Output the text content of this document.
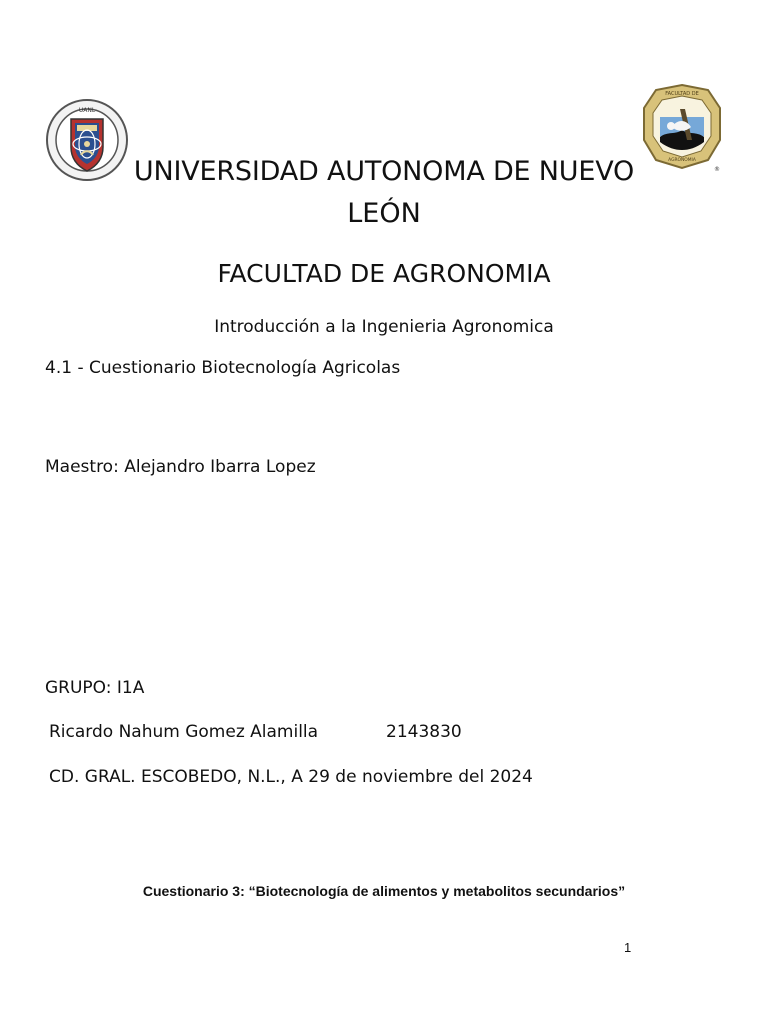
UANL
FACULTAD DE
AGRONOMIA
®
UNIVERSIDAD AUTONOMA DE NUEVO
LEÓN
FACULTAD DE AGRONOMIA
Introducción a la Ingenieria Agronomica
4.1 - Cuestionario Biotecnología Agricolas
Maestro: Alejandro Ibarra Lopez
GRUPO: I1A
Ricardo Nahum Gomez Alamilla	2143830
CD. GRAL. ESCOBEDO, N.L., A 29 de noviembre del 2024
Cuestionario 3: “Biotecnología de alimentos y metabolitos secundarios”
1
